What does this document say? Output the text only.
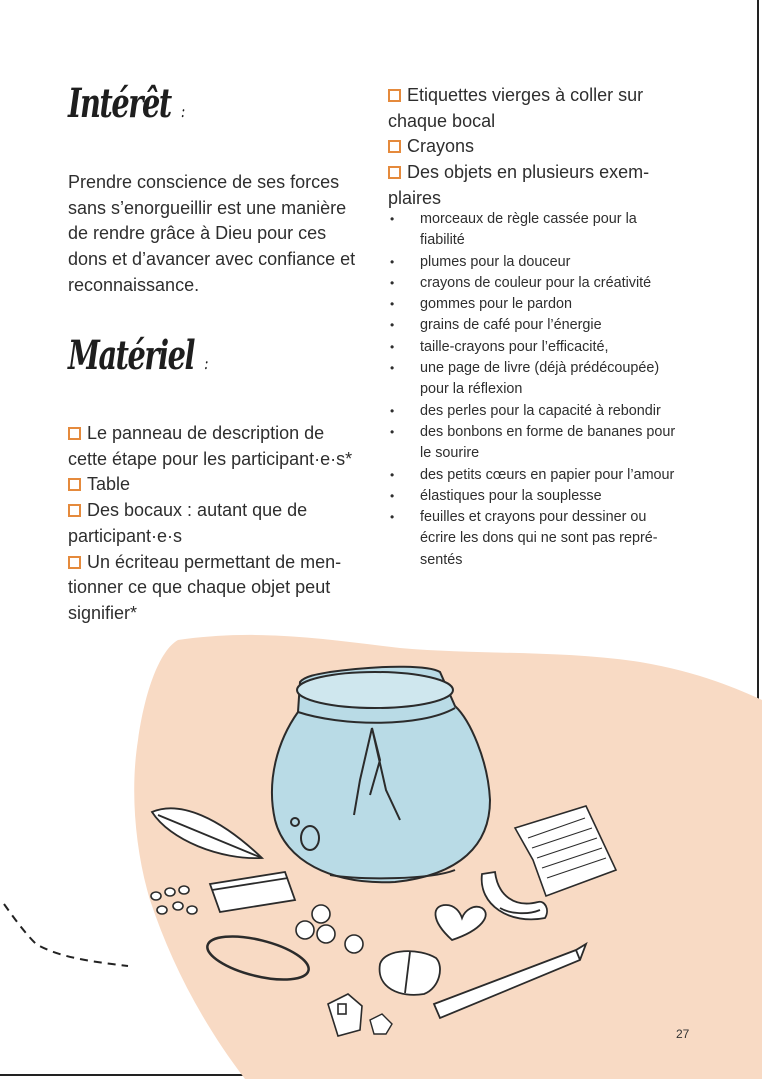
Intérêt :
Prendre conscience de ses forces
sans s’enorgueillir est une manière
de rendre grâce à Dieu pour ces
dons et d’avancer avec confiance et
reconnaissance.
Matériel :
Le panneau de description de
cette étape pour les participant·e·s*
Table
Des bocaux : autant que de
participant·e·s
Un écriteau permettant de men-
tionner ce que chaque objet peut
signifier*
Etiquettes vierges à coller sur
chaque bocal
Crayons
Des objets en plusieurs exem-
plaires
• morceaux de règle cassée pour la
fiabilité
• plumes pour la douceur
• crayons de couleur pour la créativité
• gommes pour le pardon
• grains de café pour l’énergie
• taille-crayons pour l’efficacité,
• une page de livre (déjà prédécoupée)
pour la réflexion
• des perles pour la capacité à rebondir
• des bonbons en forme de bananes pour
le sourire
• des petits cœurs en papier pour l’amour
• élastiques pour la souplesse
• feuilles et crayons pour dessiner ou
écrire les dons qui ne sont pas repré-
sentés
27
